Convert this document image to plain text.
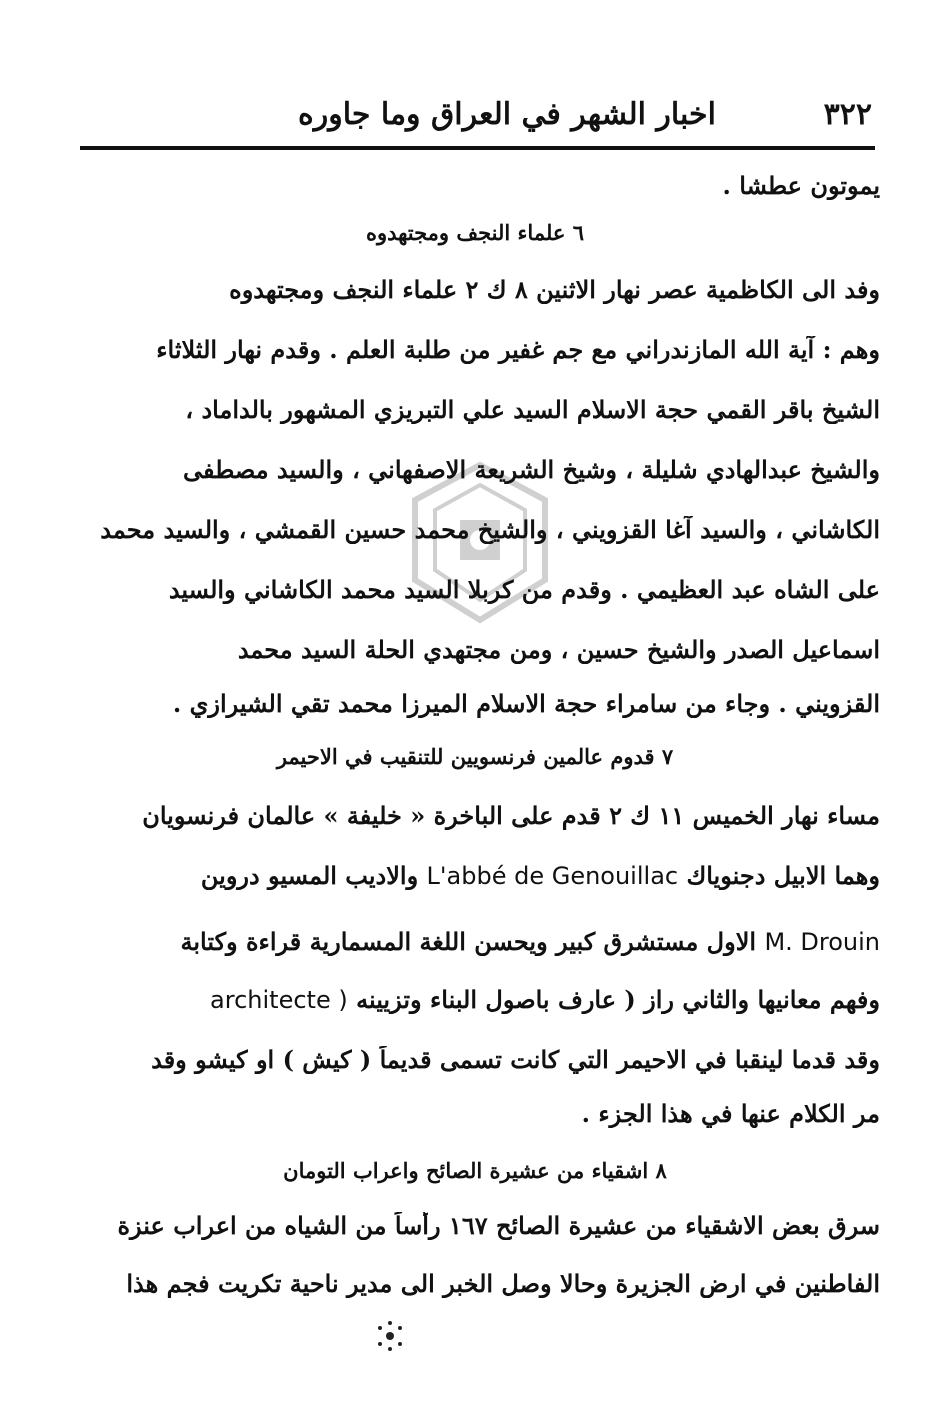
٣٢٢
اخبار الشهر في العراق وما جاوره
يموتون عطشا .
٦ علماء النجف ومجتهدوه
وفد الى الكاظمية عصر نهار الاثنين ٨ ك ٢ علماء النجف ومجتهدوه
وهم : آية الله المازندراني مع جم غفير من طلبة العلم . وقدم نهار الثلاثاء
الشيخ باقر القمي حجة الاسلام السيد علي التبريزي المشهور بالداماد ،
والشيخ عبدالهادي شليلة ، وشيخ الشريعة الاصفهاني ، والسيد مصطفى
الكاشاني ، والسيد آغا القزويني ، والشيخ محمد حسين القمشي ، والسيد محمد
على الشاه عبد العظيمي . وقدم من كربلا السيد محمد الكاشاني والسيد
اسماعيل الصدر والشيخ حسين ، ومن مجتهدي الحلة السيد محمد
القزويني . وجاء من سامراء حجة الاسلام الميرزا محمد تقي الشيرازي .
٧ قدوم عالمين فرنسويين للتنقيب في الاحيمر
مساء نهار الخميس ١١ ك ٢ قدم على الباخرة « خليفة » عالمان فرنسويان
وهما الابيل دجنوياك L'abbé de Genouillac والاديب المسيو دروين
M. Drouin الاول مستشرق كبير ويحسن اللغة المسمارية قراءة وكتابة
وفهم معانيها والثاني راز ( عارف باصول البناء وتزيينه architecte )
وقد قدما لينقبا في الاحيمر التي كانت تسمى قديماً ( كيش ) او كيشو وقد
مر الكلام عنها في هذا الجزء .
٨ اشقياء من عشيرة الصائح واعراب التومان
سرق بعض الاشقياء من عشيرة الصائح ١٦٧ رأساً من الشياه من اعراب عنزة
الفاطنين في ارض الجزيرة وحالا وصل الخبر الى مدير ناحية تكريت فجم هذا
